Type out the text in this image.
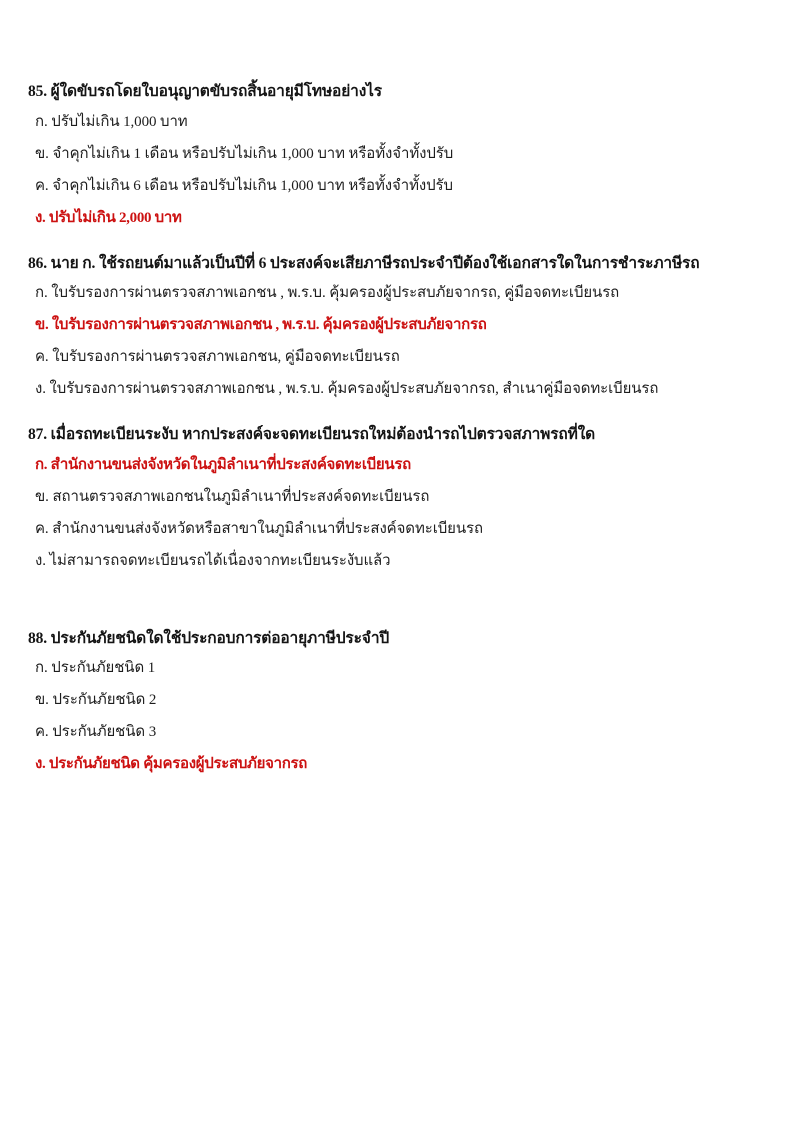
85. ผู้ใดขับรถโดยใบอนุญาตขับรถสิ้นอายุมีโทษอย่างไร
ก. ปรับไม่เกิน 1,000 บาท
ข. จำคุกไม่เกิน 1 เดือน หรือปรับไม่เกิน 1,000 บาท หรือทั้งจำทั้งปรับ
ค. จำคุกไม่เกิน 6 เดือน หรือปรับไม่เกิน 1,000 บาท หรือทั้งจำทั้งปรับ
ง. ปรับไม่เกิน 2,000 บาท
86. นาย ก. ใช้รถยนต์มาแล้วเป็นปีที่ 6 ประสงค์จะเสียภาษีรถประจำปีต้องใช้เอกสารใดในการชำระภาษีรถ
ก. ใบรับรองการผ่านตรวจสภาพเอกชน , พ.ร.บ. คุ้มครองผู้ประสบภัยจากรถ, คู่มือจดทะเบียนรถ
ข. ใบรับรองการผ่านตรวจสภาพเอกชน , พ.ร.บ. คุ้มครองผู้ประสบภัยจากรถ
ค. ใบรับรองการผ่านตรวจสภาพเอกชน, คู่มือจดทะเบียนรถ
ง. ใบรับรองการผ่านตรวจสภาพเอกชน , พ.ร.บ. คุ้มครองผู้ประสบภัยจากรถ, สำเนาคู่มือจดทะเบียนรถ
87. เมื่อรถทะเบียนระงับ หากประสงค์จะจดทะเบียนรถใหม่ต้องนำรถไปตรวจสภาพรถที่ใด
ก. สำนักงานขนส่งจังหวัดในภูมิลำเนาที่ประสงค์จดทะเบียนรถ
ข. สถานตรวจสภาพเอกชนในภูมิลำเนาที่ประสงค์จดทะเบียนรถ
ค. สำนักงานขนส่งจังหวัดหรือสาขาในภูมิลำเนาที่ประสงค์จดทะเบียนรถ
ง. ไม่สามารถจดทะเบียนรถได้เนื่องจากทะเบียนระงับแล้ว
88. ประกันภัยชนิดใดใช้ประกอบการต่ออายุภาษีประจำปี
ก. ประกันภัยชนิด 1
ข. ประกันภัยชนิด 2
ค. ประกันภัยชนิด 3
ง. ประกันภัยชนิด คุ้มครองผู้ประสบภัยจากรถ
